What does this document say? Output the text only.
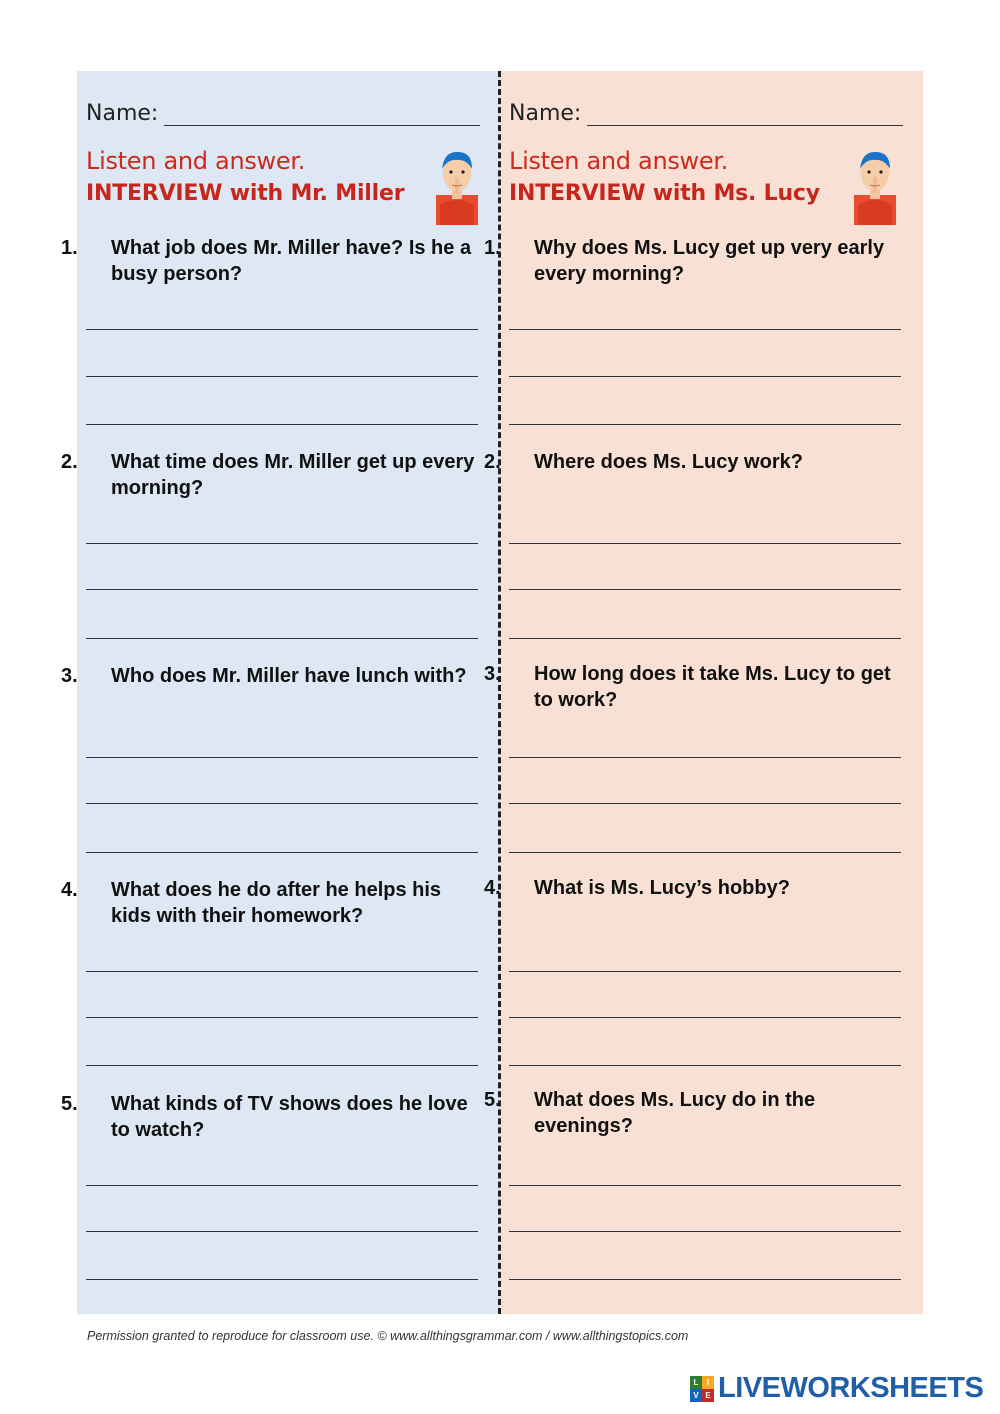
Name:
Listen and answer.
INTERVIEW with Mr. Miller
1. What job does Mr. Miller have? Is he a busy person?
2. What time does Mr. Miller get up every morning?
3. Who does Mr. Miller have lunch with?
4. What does he do after he helps his kids with their homework?
5. What kinds of TV shows does he love to watch?
Name:
Listen and answer.
INTERVIEW with Ms. Lucy
1. Why does Ms. Lucy get up very early every morning?
2. Where does Ms. Lucy work?
3. How long does it take Ms. Lucy to get to work?
4. What is Ms. Lucy’s hobby?
5. What does Ms. Lucy do in the evenings?
Permission granted to reproduce for classroom use. © www.allthingsgrammar.com / www.allthingstopics.com
L	I
V E LIVEWORKSHEETS
